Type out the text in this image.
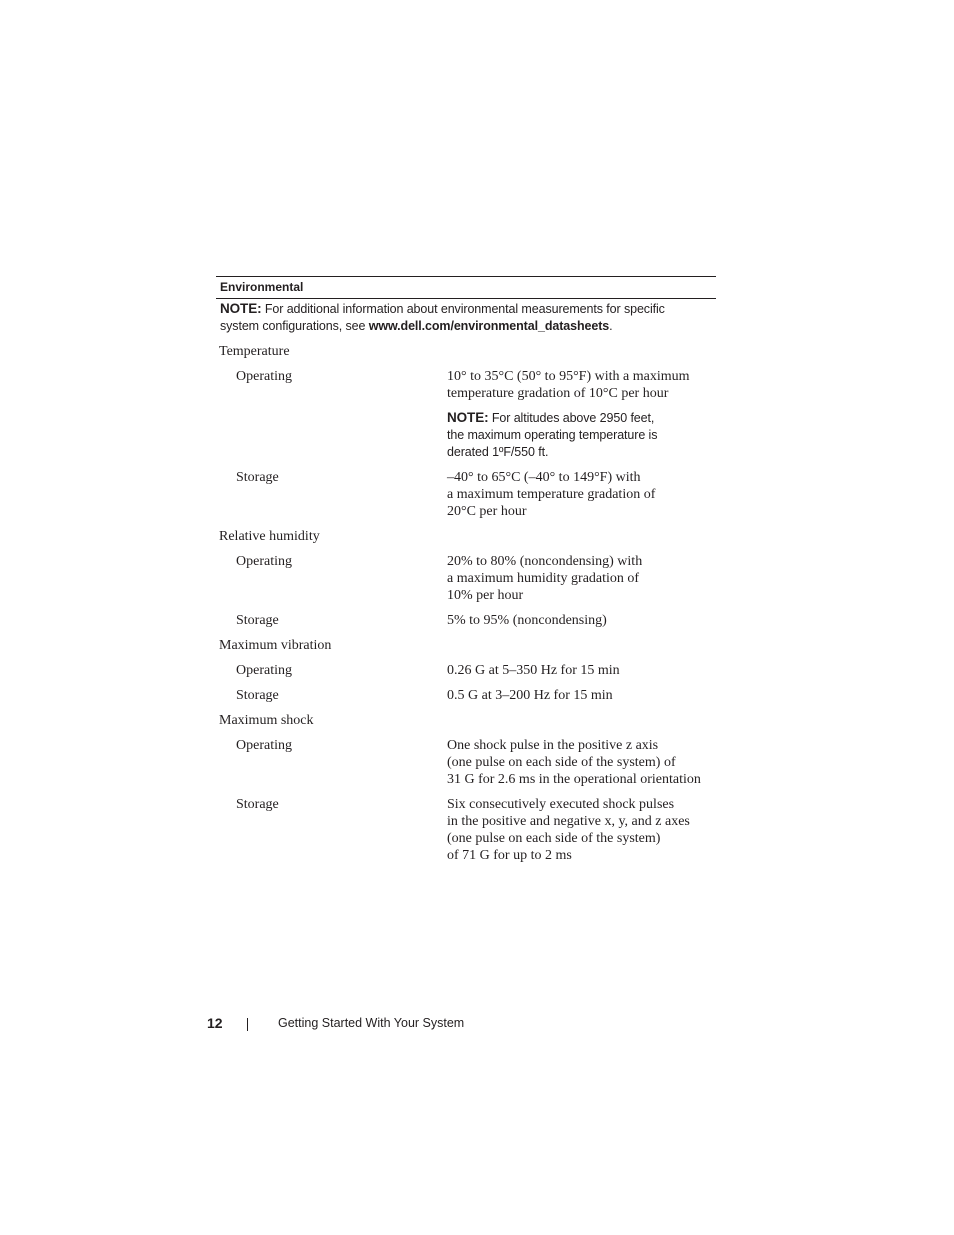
Environmental
NOTE: For additional information about environmental measurements for specific
system configurations, see www.dell.com/environmental_datasheets.
Temperature
Operating	10° to 35°C (50° to 95°F) with a maximum
temperature gradation of 10°C per hour
NOTE: For altitudes above 2950 feet,
the maximum operating temperature is
derated 1ºF/550 ft.
Storage	–40° to 65°C (–40° to 149°F) with
a maximum temperature gradation of
20°C per hour
Relative humidity
Operating	20% to 80% (noncondensing) with
a maximum humidity gradation of
10% per hour
Storage	5% to 95% (noncondensing)
Maximum vibration
Operating	0.26 G at 5–350 Hz for 15 min
Storage	0.5 G at 3–200 Hz for 15 min
Maximum shock
Operating	One shock pulse in the positive z axis
(one pulse on each side of the system) of
31 G for 2.6 ms in the operational orientation
Storage	Six consecutively executed shock pulses
in the positive and negative x, y, and z axes
(one pulse on each side of the system)
of 71 G for up to 2 ms
12	Getting Started With Your System
